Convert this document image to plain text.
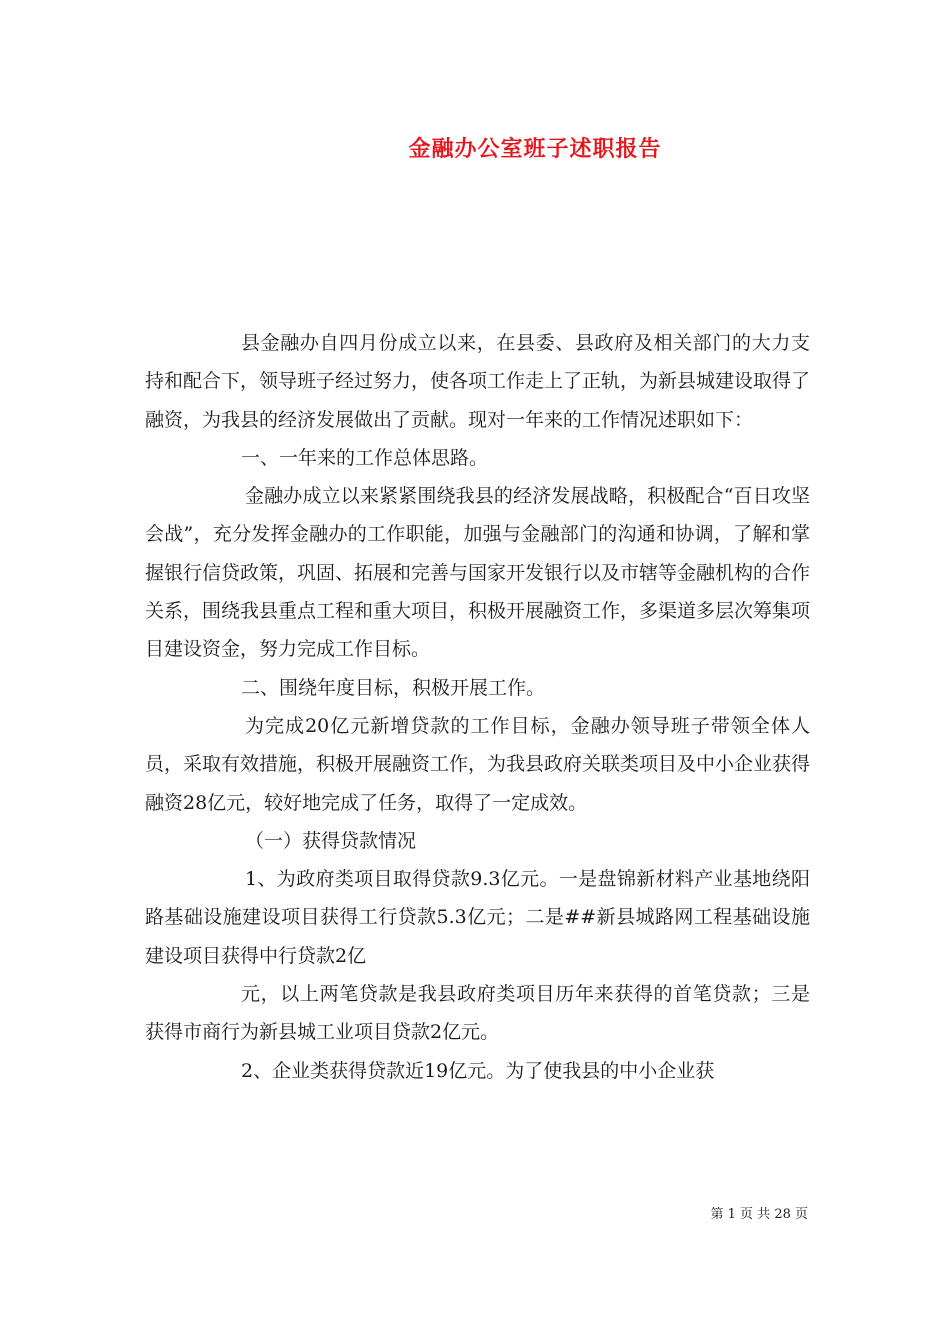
金融办公室班子述职报告

县金融办自四月份成立以来，在县委、县政府及相关部门的大力支持和配合下，领导班子经过努力，使各项工作走上了正轨，为新县城建设取得了融资，为我县的经济发展做出了贡献。现对一年来的工作情况述职如下：

一、一年来的工作总体思路。

金融办成立以来紧紧围绕我县的经济发展战略，积极配合“百日攻坚会战”，充分发挥金融办的工作职能，加强与金融部门的沟通和协调，了解和掌握银行信贷政策，巩固、拓展和完善与国家开发银行以及市辖等金融机构的合作关系，围绕我县重点工程和重大项目，积极开展融资工作，多渠道多层次筹集项目建设资金，努力完成工作目标。

二、围绕年度目标，积极开展工作。

为完成20亿元新增贷款的工作目标，金融办领导班子带领全体人员，采取有效措施，积极开展融资工作，为我县政府关联类项目及中小企业获得融资28亿元，较好地完成了任务，取得了一定成效。

（一）获得贷款情况

1、为政府类项目取得贷款9.3亿元。一是盘锦新材料产业基地绕阳路基础设施建设项目获得工行贷款5.3亿元；二是##新县城路网工程基础设施建设项目获得中行贷款2亿

元，以上两笔贷款是我县政府类项目历年来获得的首笔贷款；三是获得市商行为新县城工业项目贷款2亿元。

2、企业类获得贷款近19亿元。为了使我县的中小企业获

第 1 页 共 28 页
